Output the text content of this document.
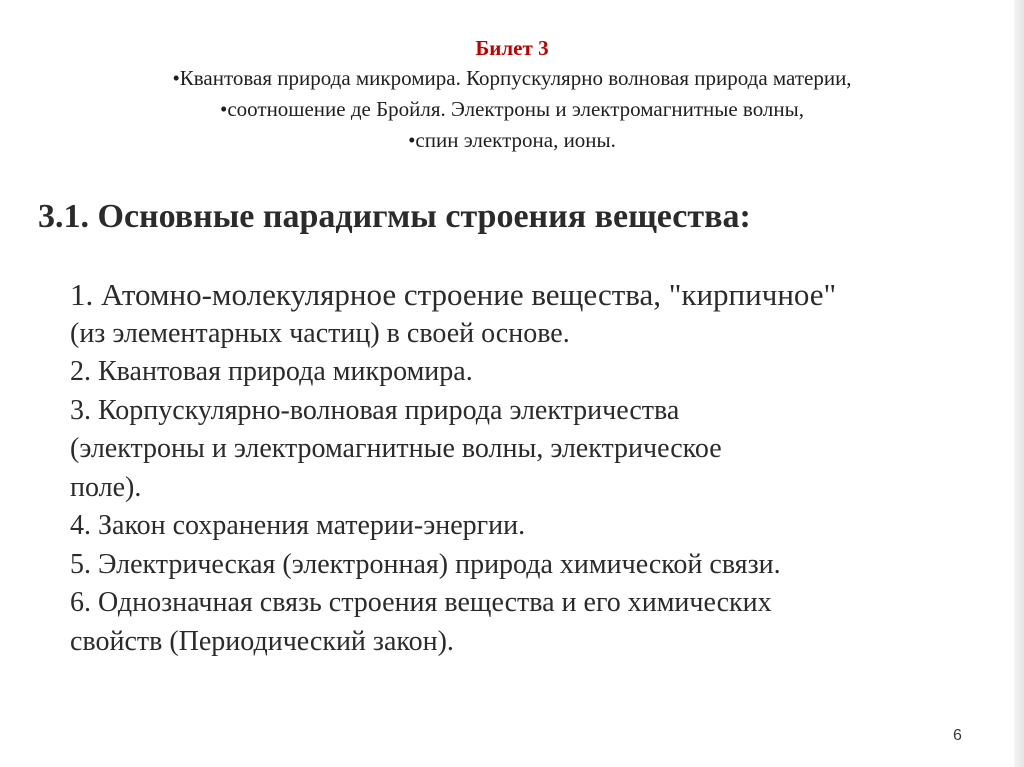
Билет 3
•Квантовая природа микромира. Корпускулярно волновая природа материи,
•соотношение де Бройля. Электроны и электромагнитные волны,
•спин электрона, ионы.
3.1. Основные парадигмы строения вещества:
1. Атомно-молекулярное строение вещества, "кирпичное"
(из элементарных частиц) в своей основе.
2. Квантовая природа микромира.
3. Корпускулярно-волновая природа электричества
(электроны и электромагнитные волны, электрическое
поле).
4. Закон сохранения материи-энергии.
5. Электрическая (электронная) природа химической связи.
6. Однозначная связь строения вещества и его химических
свойств (Периодический закон).
6
